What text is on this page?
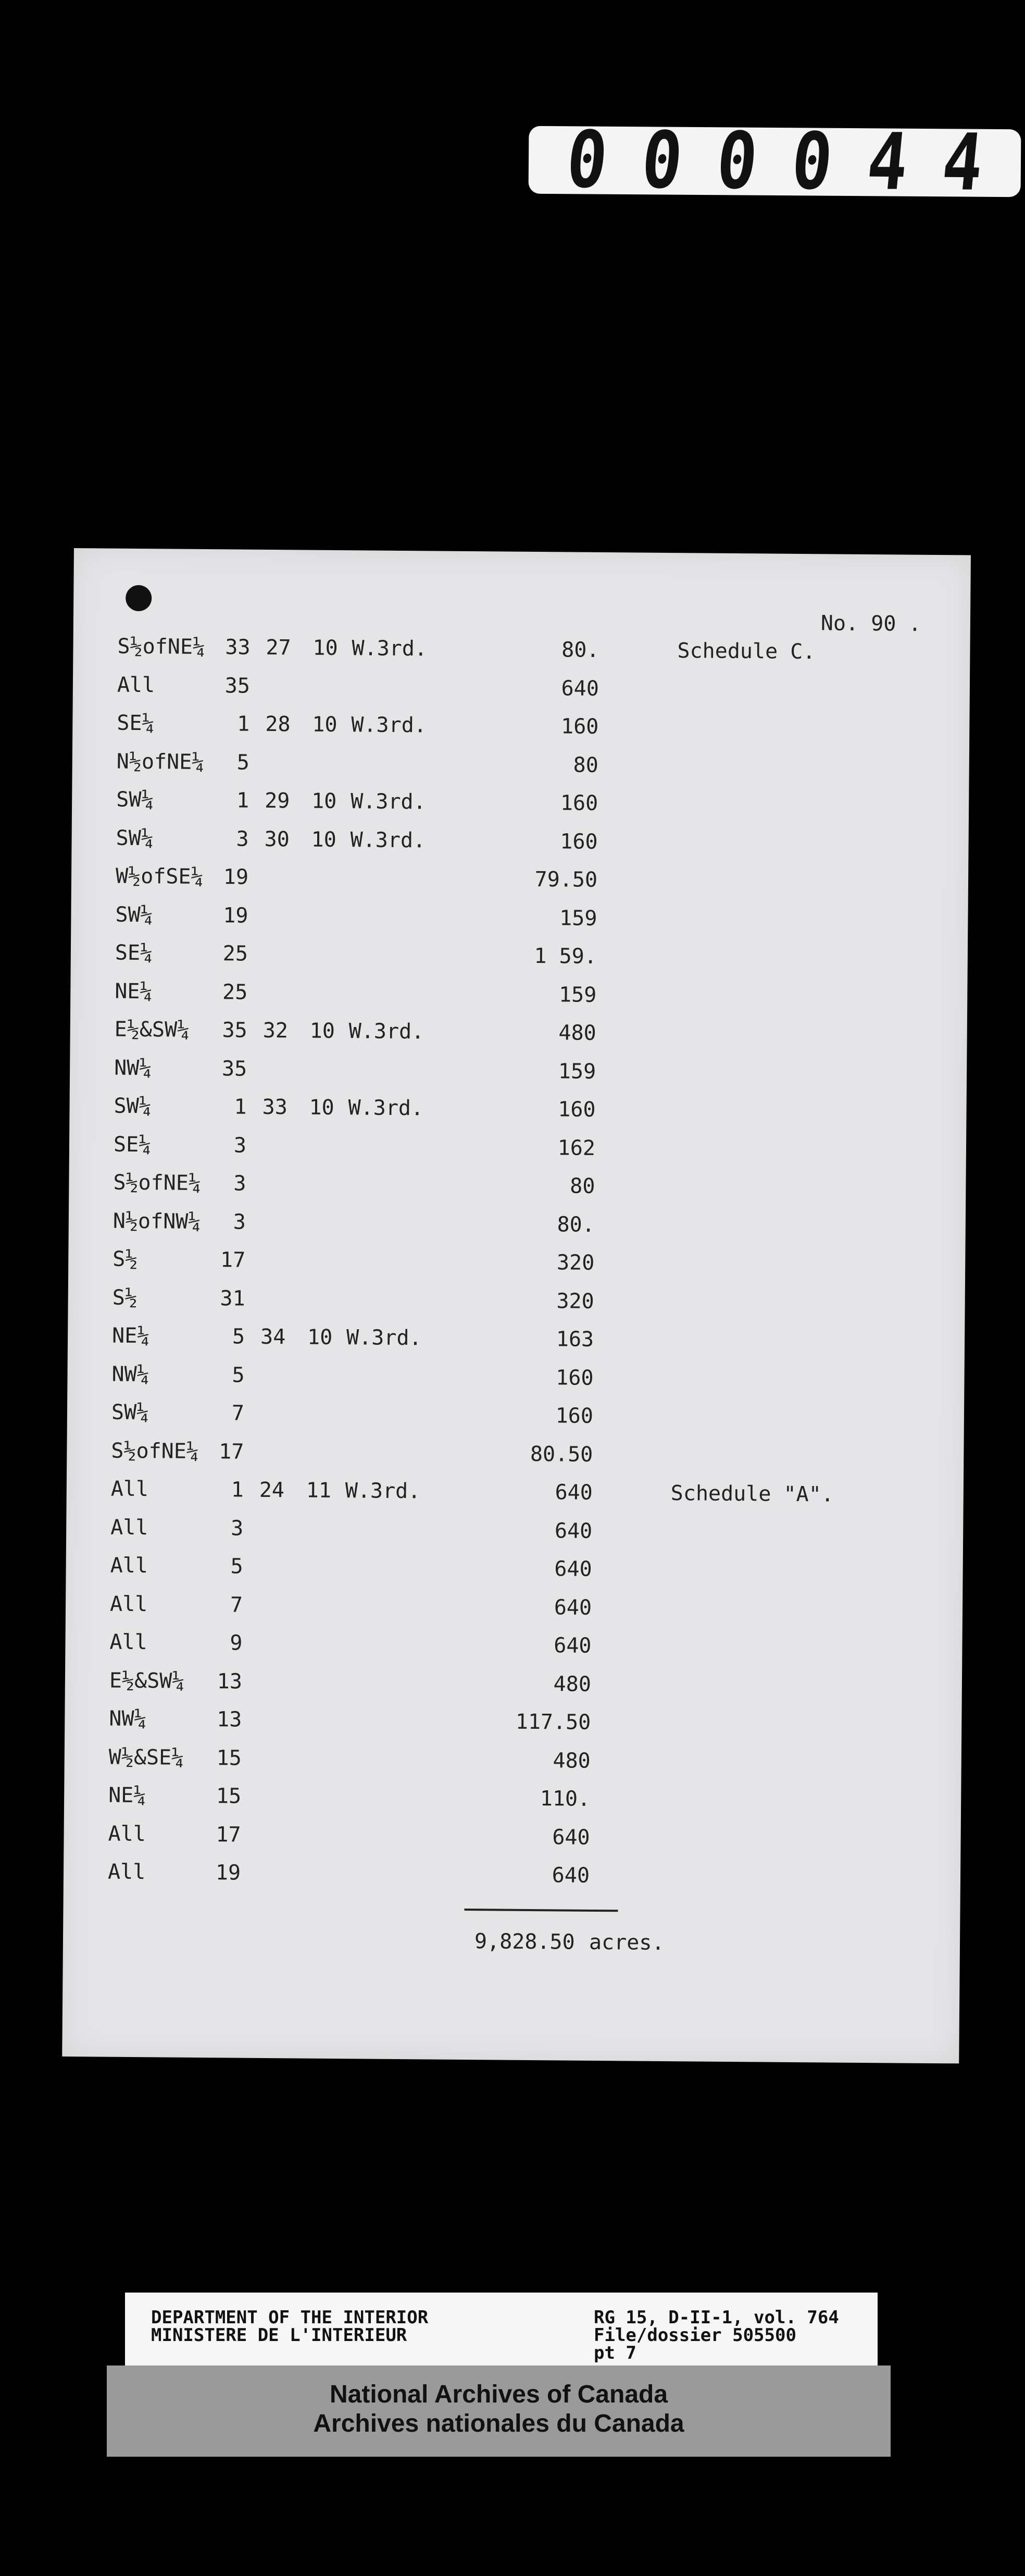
0 0 0 0 4 4
No. 90 .
S½ofNE¼ 33 27 10 W.3rd.	80.	Schedule C.
All	35	640
SE¼	1 28 10 W.3rd.	160
N½ofNE¼	5	80
SW¼	1 29 10 W.3rd.	160
SW¼	3 30 10 W.3rd.	160
W½ofSE¼ 19	79.50
SW¼	19	159
SE¼	25	1 59.
NE¼	25	159
E½&SW¼	35 32 10 W.3rd.	480
NW¼	35	159
SW¼	1 33 10 W.3rd.	160
SE¼	3	162
S½ofNE¼	3	80
N½ofNW¼	3	80.
S½	17	320
S½	31	320
NE¼	5 34 10 W.3rd.	163
NW¼	5	160
SW¼	7	160
S½ofNE¼ 17	80.50
All	1 24 11 W.3rd.	640	Schedule "A".
All	3	640
All	5	640
All	7	640
All	9	640
E½&SW¼	13	480
NW¼	13	117.50
W½&SE¼	15	480
NE¼	15	110.
All	17	640
All	19	640
9,828.50 acres.
DEPARTMENT OF THE INTERIOR
MINISTERE DE L'INTERIEUR
RG 15, D-II-1, vol. 764
File/dossier 505500
pt 7
National Archives of Canada
Archives nationales du Canada
